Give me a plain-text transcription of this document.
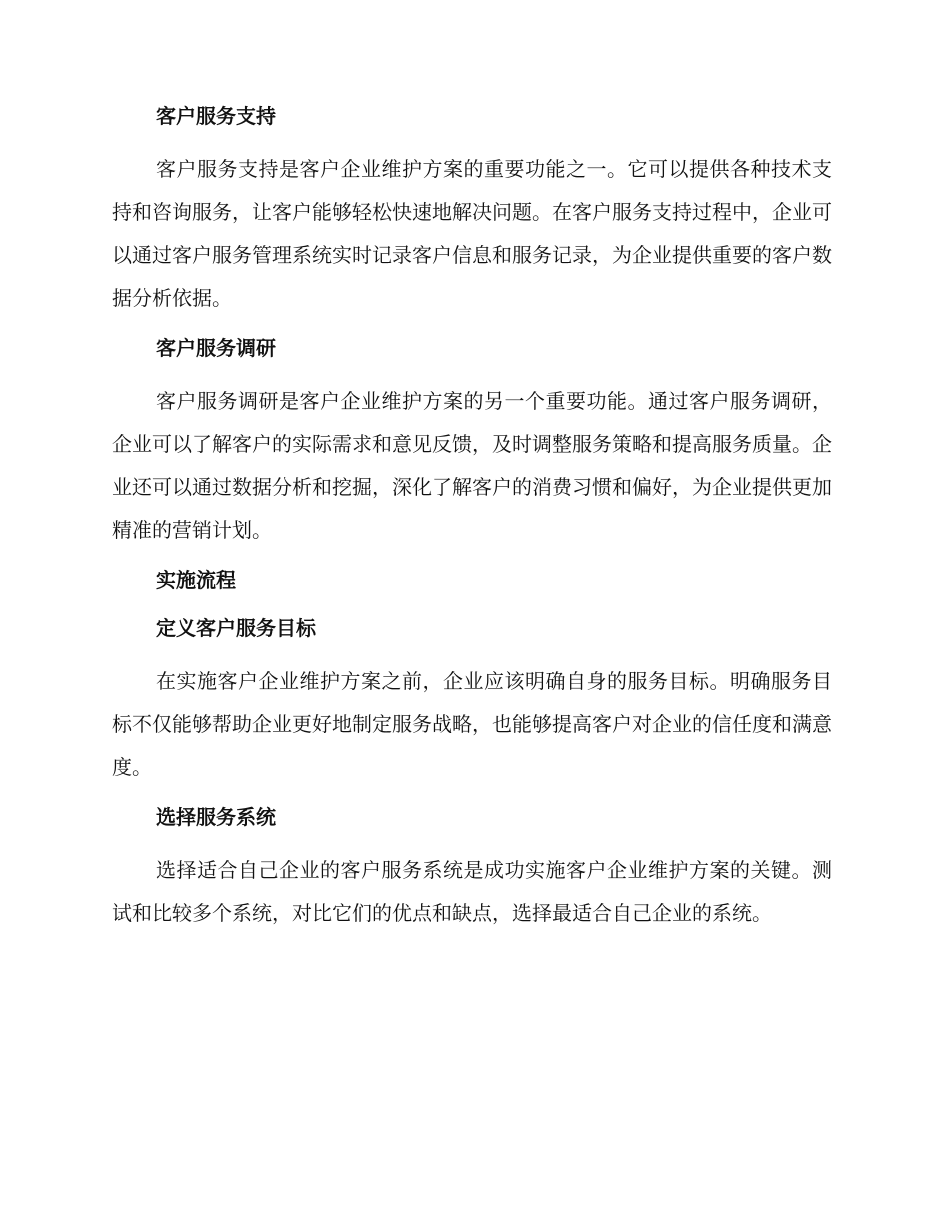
客户服务支持

客户服务支持是客户企业维护方案的重要功能之一。它可以提供各种技术支持和咨询服务，让客户能够轻松快速地解决问题。在客户服务支持过程中，企业可以通过客户服务管理系统实时记录客户信息和服务记录，为企业提供重要的客户数据分析依据。

客户服务调研

客户服务调研是客户企业维护方案的另一个重要功能。通过客户服务调研，企业可以了解客户的实际需求和意见反馈，及时调整服务策略和提高服务质量。企业还可以通过数据分析和挖掘，深化了解客户的消费习惯和偏好，为企业提供更加精准的营销计划。

实施流程
定义客户服务目标

在实施客户企业维护方案之前，企业应该明确自身的服务目标。明确服务目标不仅能够帮助企业更好地制定服务战略，也能够提高客户对企业的信任度和满意度。

选择服务系统

选择适合自己企业的客户服务系统是成功实施客户企业维护方案的关键。测试和比较多个系统，对比它们的优点和缺点，选择最适合自己企业的系统。
